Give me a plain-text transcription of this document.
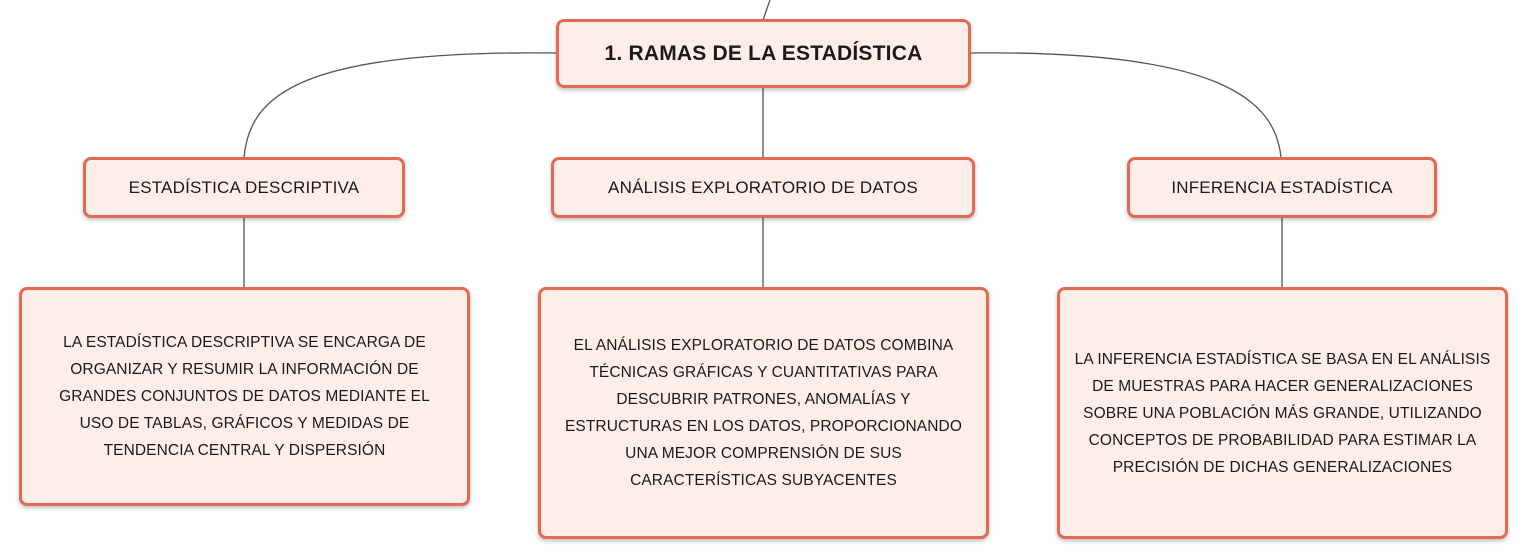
1. RAMAS DE LA ESTADÍSTICA
ESTADÍSTICA DESCRIPTIVA	ANÁLISIS EXPLORATORIO DE DATOS	INFERENCIA ESTADÍSTICA
LA ESTADÍSTICA DESCRIPTIVA SE ENCARGA DE
ORGANIZAR Y RESUMIR LA INFORMACIÓN DE
GRANDES CONJUNTOS DE DATOS MEDIANTE EL
USO DE TABLAS, GRÁFICOS Y MEDIDAS DE
TENDENCIA CENTRAL Y DISPERSIÓN
EL ANÁLISIS EXPLORATORIO DE DATOS COMBINA
TÉCNICAS GRÁFICAS Y CUANTITATIVAS PARA
DESCUBRIR PATRONES, ANOMALÍAS Y
ESTRUCTURAS EN LOS DATOS, PROPORCIONANDO
UNA MEJOR COMPRENSIÓN DE SUS
CARACTERÍSTICAS SUBYACENTES
LA INFERENCIA ESTADÍSTICA SE BASA EN EL ANÁLISIS
DE MUESTRAS PARA HACER GENERALIZACIONES
SOBRE UNA POBLACIÓN MÁS GRANDE, UTILIZANDO
CONCEPTOS DE PROBABILIDAD PARA ESTIMAR LA
PRECISIÓN DE DICHAS GENERALIZACIONES
